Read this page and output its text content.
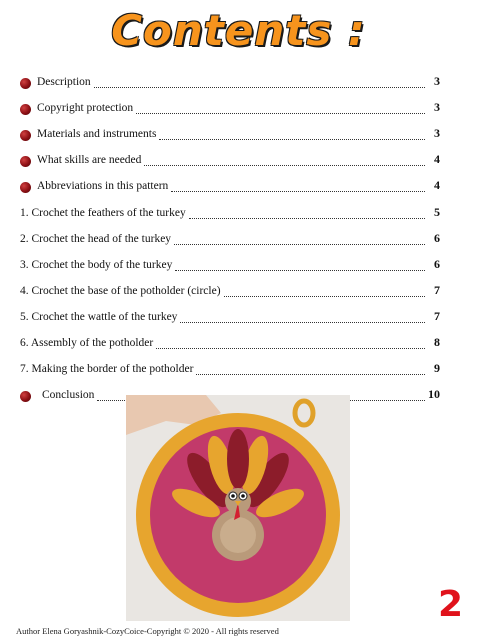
Contents :
Description	3
Copyright protection	3
Materials and instruments	3
What skills are needed	4
Abbreviations in this pattern	4
1. Crochet the feathers of the turkey	5
2. Crochet the head of the turkey	6
3. Crochet the body of the turkey	6
4. Crochet the base of the potholder (circle)	7
5. Crochet the wattle of the turkey	7
6. Assembly of the potholder	8
7. Making the border of the potholder	9
Conclusion	10
2
Author Elena Goryashnik-CozyCoice-Copyright © 2020 - All rights reserved
